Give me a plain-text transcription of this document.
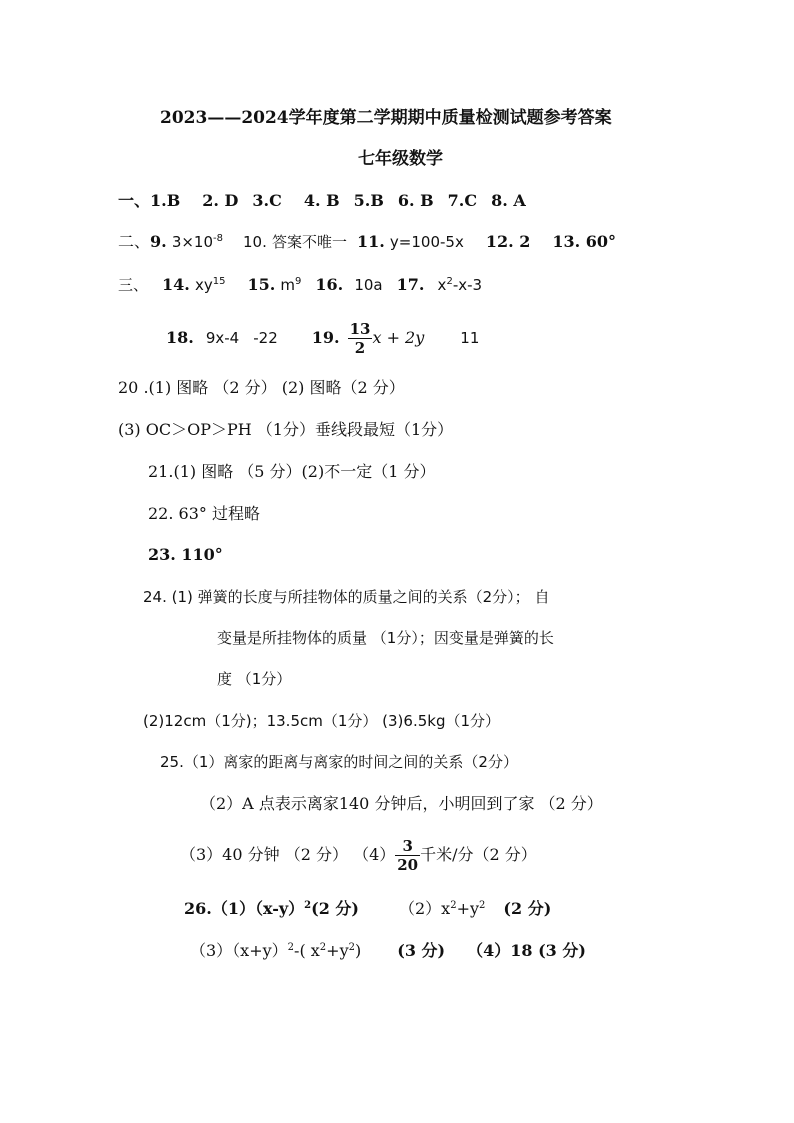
2023——2024学年度第二学期期中质量检测试题参考答案
七年级数学
一、1.B 2. D 3.C 4. B 5.B 6. B 7.C 8. A
二、9. $3\times 10^{-8}$ 10. 答案不唯一 11. y=100-5x 12. 2 13. 60°
三、 14. $xy^{15}$ 15. $m^9$ 16. 10a 17. $x^2-x-3$
18. 9x-4 -22 19. $\frac{13}{2}$ x + 2y 11
20 .(1) 图略 （2 分） (2) 图略（2 分）
(3) OC＞OP＞PH （1分）垂线段最短（1分）
21.(1) 图略 （5 分）(2)不一定（1 分）
22. 63° 过程略
23. 110°
24. (1) 弹簧的长度与所挂物体的质量之间的关系（2分）； 自
变量是所挂物体的质量 （1分）；因变量是弹簧的长
度 （1分）
(2)12cm（1分)；13.5cm（1分） (3)6.5kg（1分）
25.（1）离家的距离与离家的时间之间的关系（2分）
（2）A 点表示离家140 分钟后，小明回到了家 （2 分）
（3）40 分钟 （2 分） $(4) \frac{3}{20}$ 千米/分（2 分）
$26.(1)(x-y)^2(2$ 分)	$(2)x^2+y^2$ (2 分)
$(3)(x+y)^2-$( $x^2+y^2$) (3 分) （4）18 (3 分)
